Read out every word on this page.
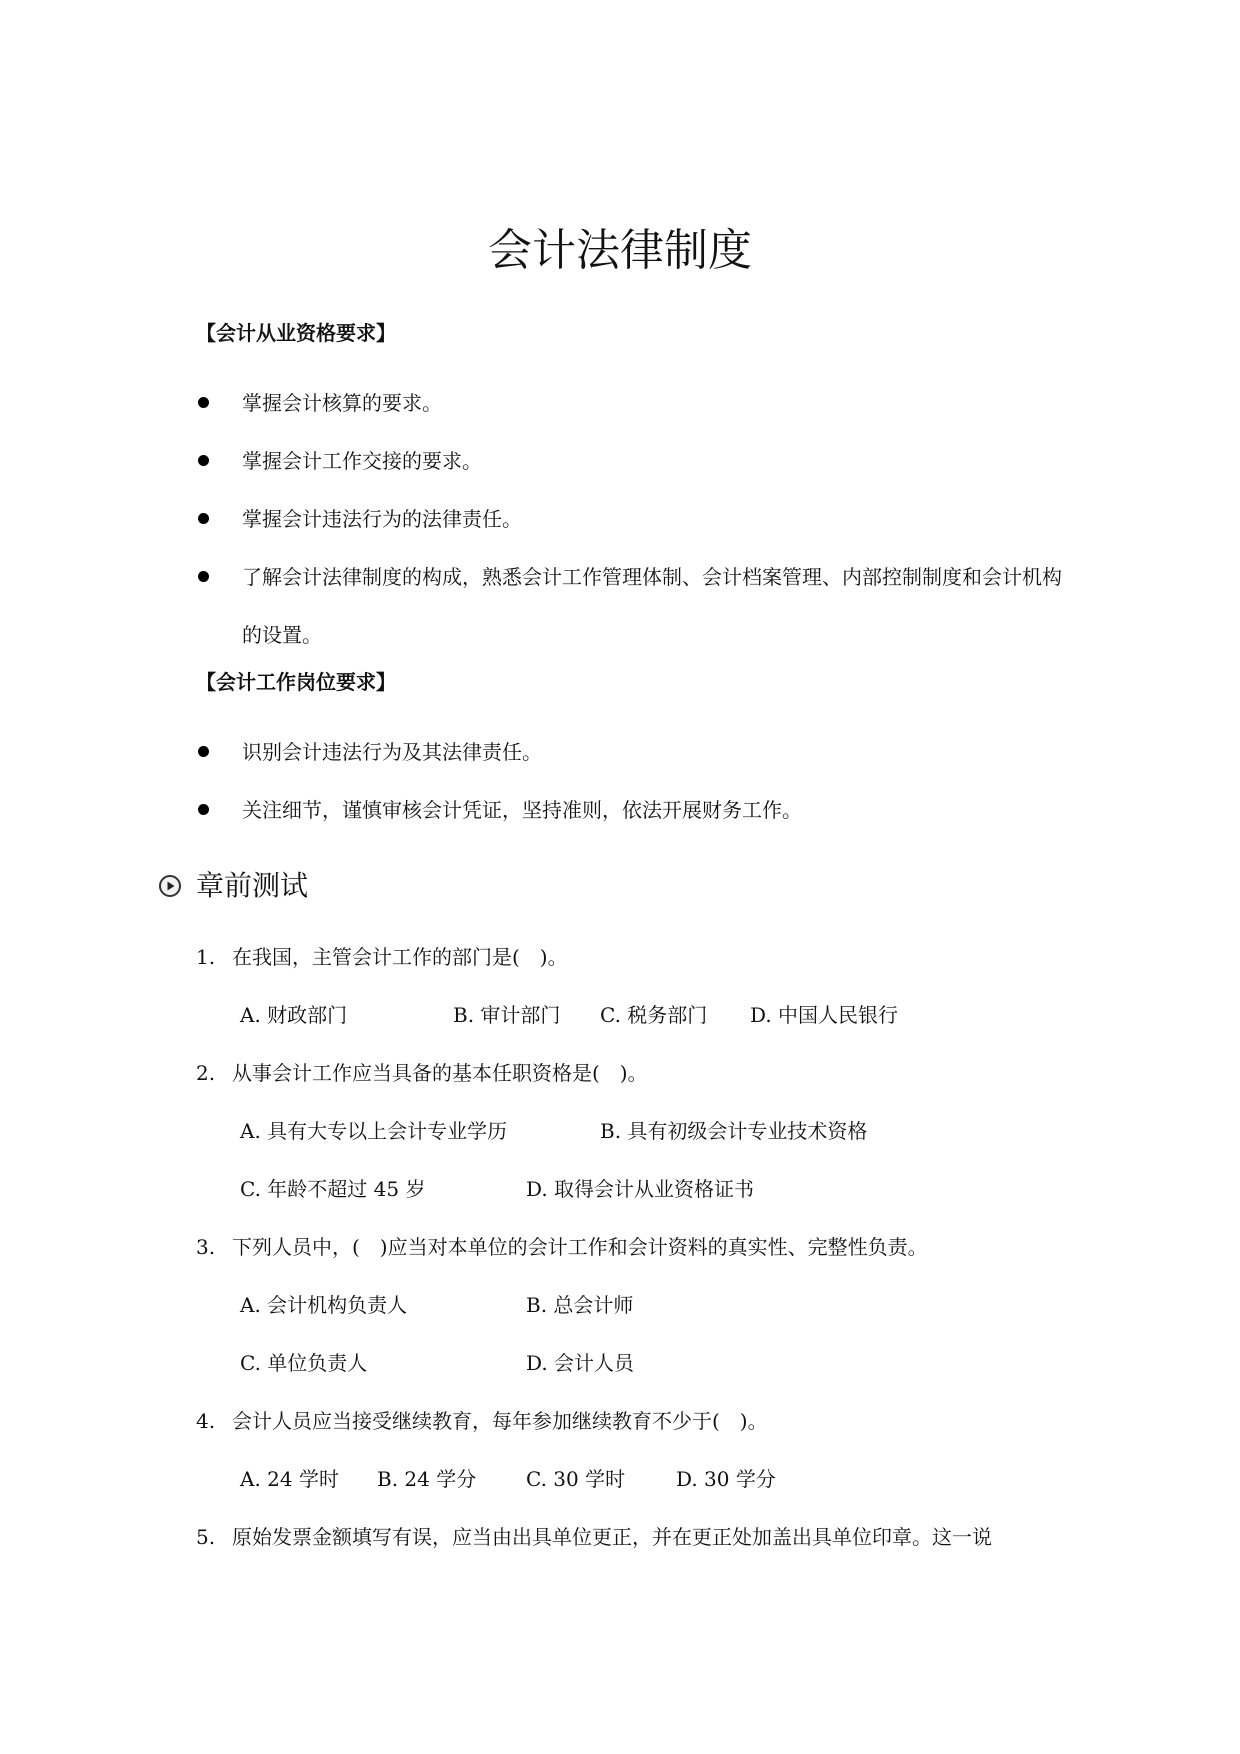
会计法律制度
【会计从业资格要求】
掌握会计核算的要求。
掌握会计工作交接的要求。
掌握会计违法行为的法律责任。
了解会计法律制度的构成，熟悉会计工作管理体制、会计档案管理、内部控制制度和会计机构的设置。
【会计工作岗位要求】
识别会计违法行为及其法律责任。
关注细节，谨慎审核会计凭证，坚持准则，依法开展财务工作。
章前测试
1. 在我国，主管会计工作的部门是(　)。
A. 财政部门	B. 审计部门 C. 税务部门 D. 中国人民银行
2. 从事会计工作应当具备的基本任职资格是(　)。
A. 具有大专以上会计专业学历	B. 具有初级会计专业技术资格
C. 年龄不超过 45 岁	D. 取得会计从业资格证书
3. 下列人员中，(　)应当对本单位的会计工作和会计资料的真实性、完整性负责。
A. 会计机构负责人	B. 总会计师
C. 单位负责人	D. 会计人员
4. 会计人员应当接受继续教育，每年参加继续教育不少于(　)。
A. 24 学时 B. 24 学分 C. 30 学时	D. 30 学分
5. 原始发票金额填写有误，应当由出具单位更正，并在更正处加盖出具单位印章。这一说
